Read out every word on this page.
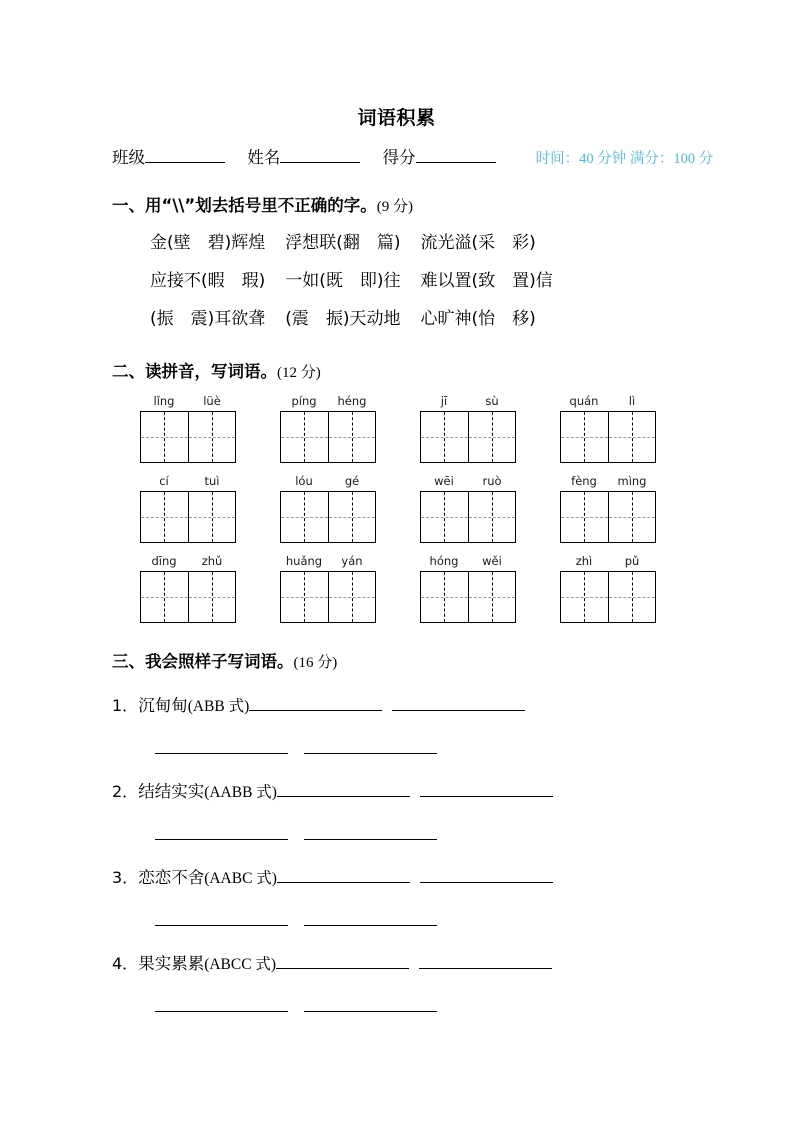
词语积累
班级	姓名	得分	时间：40 分钟 满分：100 分
一、用“\\”划去括号里不正确的字。(9 分)
金(壁　碧)辉煌 浮想联(翻　篇) 流光溢(采　彩)
应接不(暇　瑕) 一如(既　即)往 难以置(致　置)信
(振　震)耳欲聋 (震　振)天动地 心旷神(怡　移)
二、读拼音，写词语。(12 分)
lǐng	lüè	píng	héng	jī	sù	quán	lì
cí	tuì	lóu	gé	wēi	ruò	fèng	mìng
dīng	zhǔ	huǎng	yán	hóng	wěi	zhì	pǔ
三、我会照样子写词语。(16 分)
1．沉甸甸(ABB 式)
2．结结实实(AABB 式)
3．恋恋不舍(AABC 式)
4．果实累累(ABCC 式)
